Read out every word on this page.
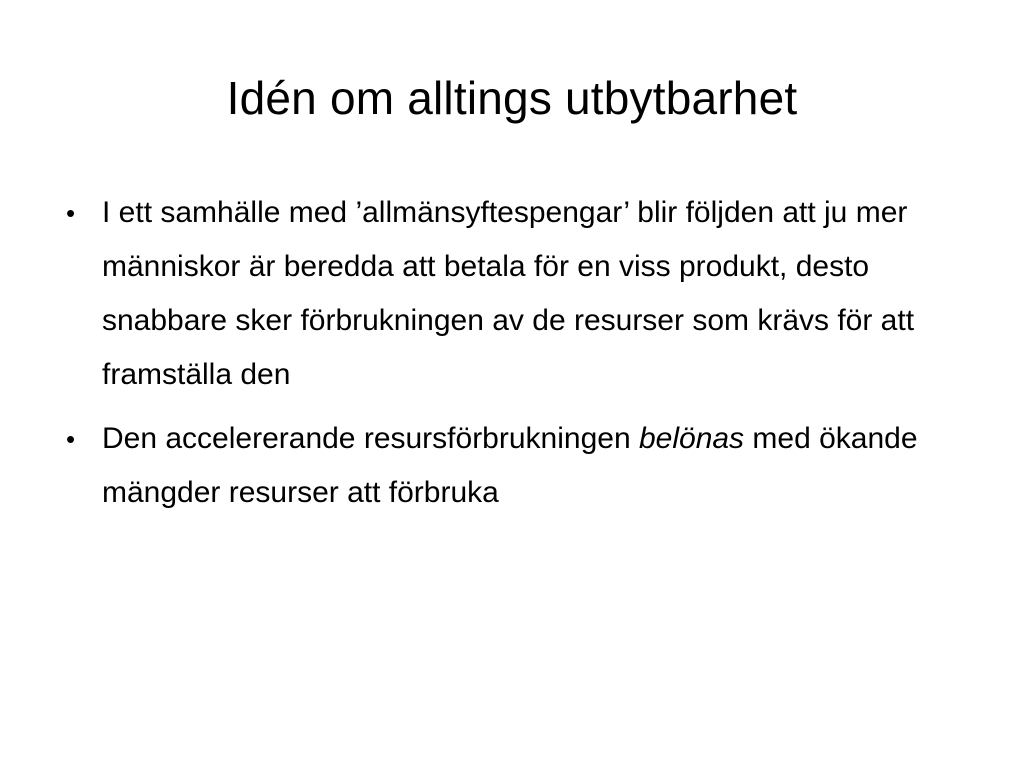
Idén om alltings utbytbarhet
• I ett samhälle med ’allmänsyftespengar’ blir följden att ju mer människor är beredda att betala för en viss produkt, desto snabbare sker förbrukningen av de resurser som krävs för att framställa den
• Den accelererande resursförbrukningen belönas med ökande mängder resurser att förbruka
